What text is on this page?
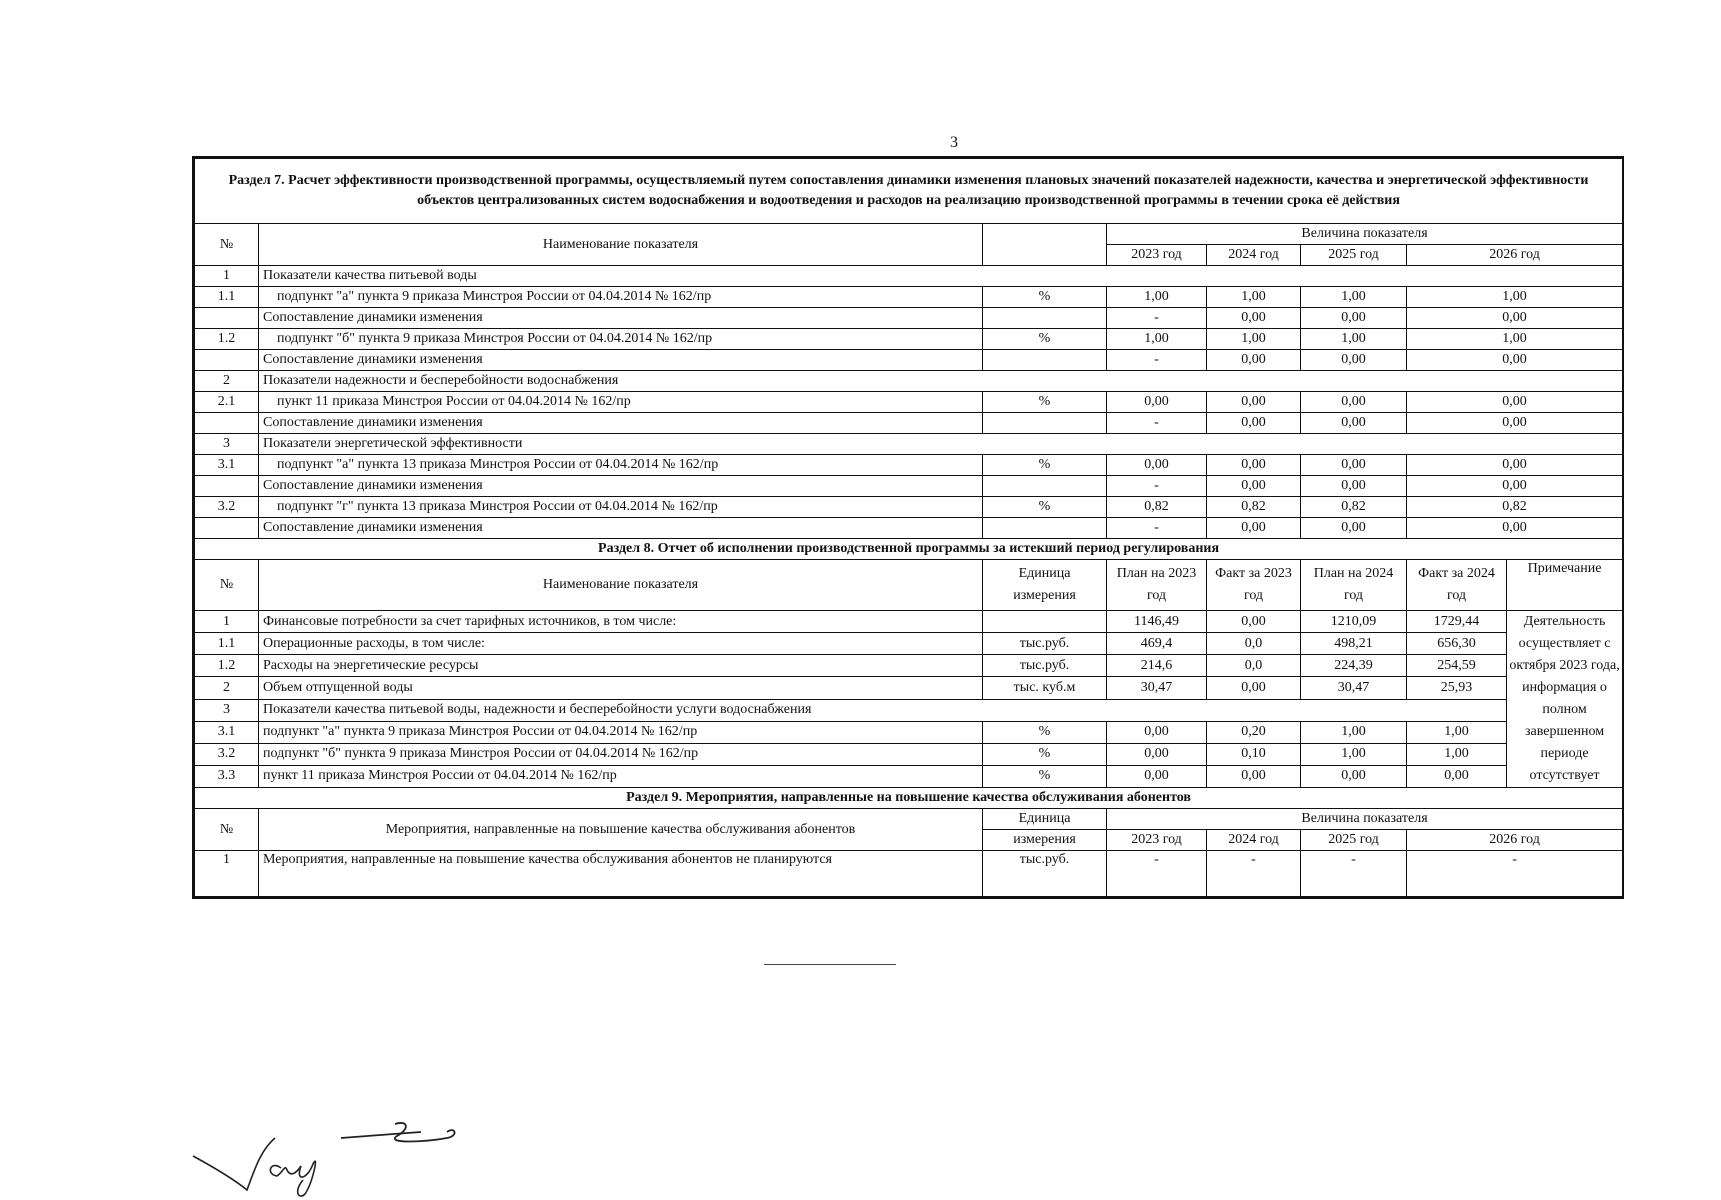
3
Раздел 7. Расчет эффективности производственной программы, осуществляемый путем сопоставления динамики изменения плановых значений показателей надежности, качества и энергетической эффективности объектов централизованных систем водоснабжения и водоотведения и расходов на реализацию производственной программы в течении срока её действия							
№	Наименование показателя		Величина показателя				
			2023 год	2024 год	2025 год	2026 год	
1	Показатели качества питьевой воды						
1.1	подпункт "а" пункта 9 приказа Минстроя России от 04.04.2014 № 162/пр	%	1,00	1,00	1,00	1,00	
	Сопоставление динамики изменения		-	0,00	0,00	0,00	
1.2	подпункт "б" пункта 9 приказа Минстроя России от 04.04.2014 № 162/пр	%	1,00	1,00	1,00	1,00	
	Сопоставление динамики изменения		-	0,00	0,00	0,00	
2	Показатели надежности и бесперебойности водоснабжения						
2.1	пункт 11 приказа Минстроя России от 04.04.2014 № 162/пр	%	0,00	0,00	0,00	0,00	
	Сопоставление динамики изменения		-	0,00	0,00	0,00	
3	Показатели энергетической эффективности						
3.1	подпункт "а" пункта 13 приказа Минстроя России от 04.04.2014 № 162/пр	%	0,00	0,00	0,00	0,00	
	Сопоставление динамики изменения		-	0,00	0,00	0,00	
3.2	подпункт "г" пункта 13 приказа Минстроя России от 04.04.2014 № 162/пр	%	0,82	0,82	0,82	0,82	
	Сопоставление динамики изменения		-	0,00	0,00	0,00	
Раздел 8. Отчет об исполнении производственной программы за истекший период регулирования							
№	Наименование показателя	Единица измерения	План на 2023 год	Факт за 2023 год	План на 2024 год	Факт за 2024 год	Примечание
1	Финансовые потребности за счет тарифных источников, в том числе:		1146,49	0,00	1210,09	1729,44	Деятельность осуществляет с октября 2023 года, информация о полном завершенном периоде отсутствует
1.1	Операционные расходы, в том числе:	тыс.руб.	469,4	0,0	498,21	656,30	
1.2	Расходы на энергетические ресурсы	тыс.руб.	214,6	0,0	224,39	254,59	
2	Объем отпущенной воды	тыс. куб.м	30,47	0,00	30,47	25,93	
3	Показатели качества питьевой воды, надежности и бесперебойности услуги водоснабжения						
3.1	подпункт "а" пункта 9 приказа Минстроя России от 04.04.2014 № 162/пр	%	0,00	0,20	1,00	1,00	
3.2	подпункт "б" пункта 9 приказа Минстроя России от 04.04.2014 № 162/пр	%	0,00	0,10	1,00	1,00	
3.3	пункт 11 приказа Минстроя России от 04.04.2014 № 162/пр	%	0,00	0,00	0,00	0,00	
Раздел 9. Мероприятия, направленные на повышение качества обслуживания абонентов							
№	Мероприятия, направленные на повышение качества обслуживания абонентов	Единица	Величина показателя				
		измерения	2023 год	2024 год	2025 год	2026 год	
1	Мероприятия, направленные на повышение качества обслуживания абонентов не планируются	тыс.руб.	-	-	-	-	
